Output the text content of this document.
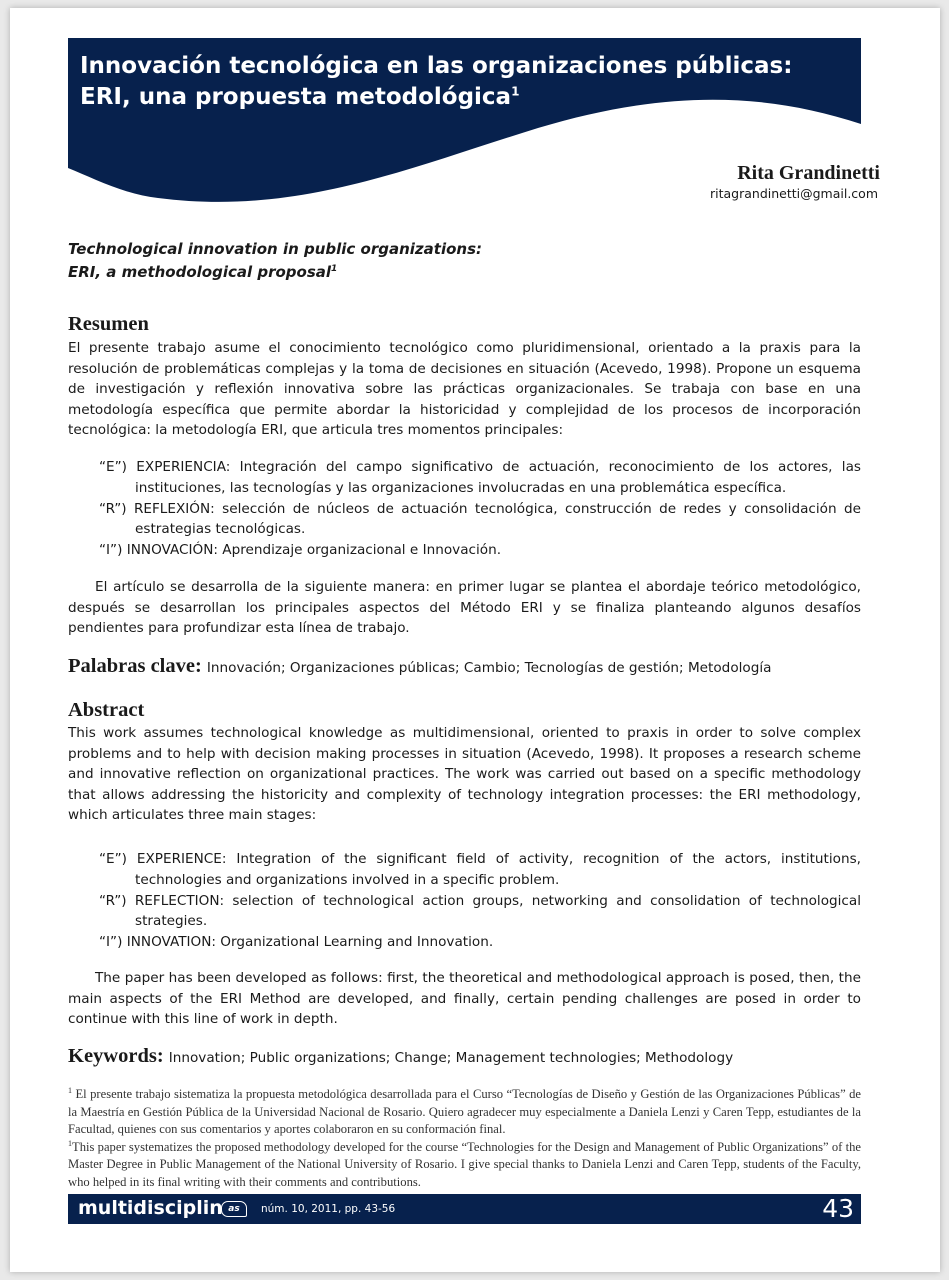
Innovación tecnológica en las organizaciones públicas:
ERI, una propuesta metodológica$^1$
Rita Grandinetti
ritagrandinetti@gmail.com
Technological innovation in public organizations:
ERI, a methodological proposal$^1$
Resumen

El presente trabajo asume el conocimiento tecnológico como pluridimensional, orientado a la praxis para la resolución de problemáticas complejas y la toma de decisiones en situación (Acevedo, 1998). Propone un esquema de investigación y reflexión innovativa sobre las prácticas organizacionales. Se trabaja con base en una metodología específica que permite abordar la historicidad y complejidad de los procesos de incorporación tecnológica: la metodología ERI, que articula tres momentos principales:

“E”) EXPERIENCIA: Integración del campo significativo de actuación, reconocimiento de los actores, las instituciones, las tecnologías y las organizaciones involucradas en una problemática específica.
“R”) REFLEXIÓN: selección de núcleos de actuación tecnológica, construcción de redes y consolidación de estrategias tecnológicas.
“I”) INNOVACIÓN: Aprendizaje organizacional e Innovación.

El artículo se desarrolla de la siguiente manera: en primer lugar se plantea el abordaje teórico metodológico, después se desarrollan los principales aspectos del Método ERI y se finaliza planteando algunos desafíos pendientes para profundizar esta línea de trabajo.

Palabras clave: Innovación; Organizaciones públicas; Cambio; Tecnologías de gestión; Metodología

Abstract

This work assumes technological knowledge as multidimensional, oriented to praxis in order to solve complex problems and to help with decision making processes in situation (Acevedo, 1998). It proposes a research scheme and innovative reflection on organizational practices. The work was carried out based on a specific methodology that allows addressing the historicity and complexity of technology integration processes: the ERI methodology, which articulates three main stages:

“E”) EXPERIENCE: Integration of the significant field of activity, recognition of the actors, institutions, technologies and organizations involved in a specific problem.
“R”) REFLECTION: selection of technological action groups, networking and consolidation of technological strategies.
“I”) INNOVATION: Organizational Learning and Innovation.

The paper has been developed as follows: first, the theoretical and methodological approach is posed, then, the main aspects of the ERI Method are developed, and finally, certain pending challenges are posed in order to continue with this line of work in depth.

Keywords: Innovation; Public organizations; Change; Management technologies; Methodology

$^1$ El presente trabajo sistematiza la propuesta metodológica desarrollada para el Curso “Tecnologías de Diseño y Gestión de las Organizaciones Públicas” de la Maestría en Gestión Pública de la Universidad Nacional de Rosario. Quiero agradecer muy especialmente a Daniela Lenzi y Caren Tepp, estudiantes de la Facultad, quienes con sus comentarios y aportes colaboraron en su conformación final.

$^1$This paper systematizes the proposed methodology developed for the course “Technologies for the Design and Management of Public Organizations” of the Master Degree in Public Management of the National University of Rosario. I give special thanks to Daniela Lenzi and Caren Tepp, students of the Faculty, who helped in its final writing with their comments and contributions.

multidisciplin as	núm. 10, 2011, pp. 43-56	43
